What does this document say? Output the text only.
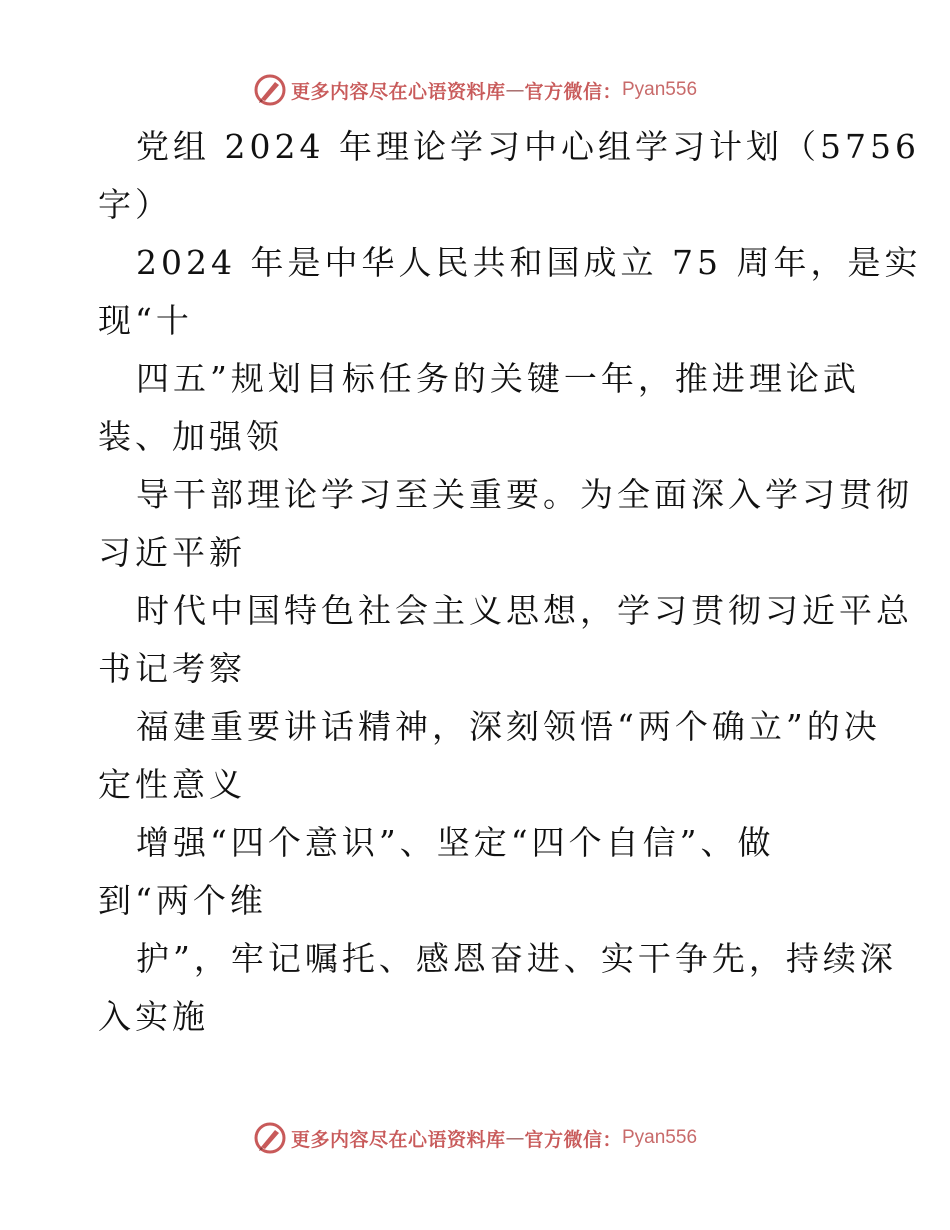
更多内容尽在心语资料库 — 官方微信： Pyan556

党组 2024 年理论学习中心组学习计划（5756

字）

2024 年是中华人民共和国成立 75 周年，是实

现“十

四五”规划目标任务的关键一年，推进理论武

装、加强领

导干部理论学习至关重要。为全面深入学习贯彻

习近平新

时代中国特色社会主义思想，学习贯彻习近平总

书记考察

福建重要讲话精神，深刻领悟“两个确立”的决

定性意义

增强“四个意识”、坚定“四个自信”、做

到“两个维

护”，牢记嘱托、感恩奋进、实干争先，持续深

入实施

更多内容尽在心语资料库 — 官方微信： Pyan556
